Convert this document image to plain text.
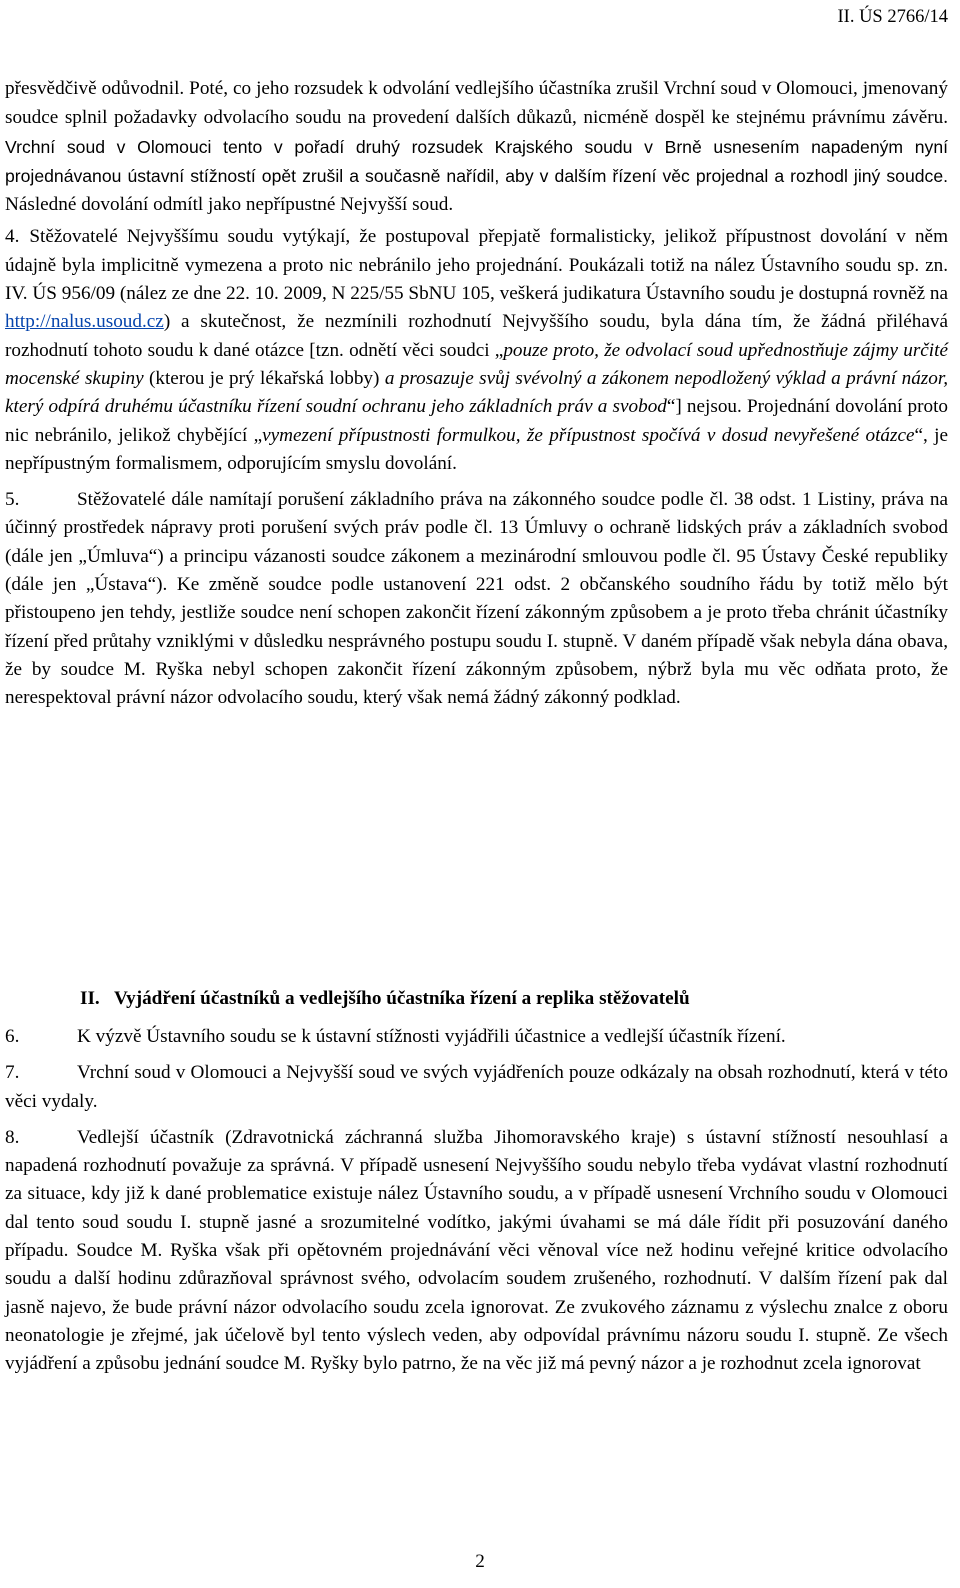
II. ÚS 2766/14

přesvědčivě odůvodnil. Poté, co jeho rozsudek k odvolání vedlejšího účastníka zrušil Vrchní soud v Olomouci, jmenovaný soudce splnil požadavky odvolacího soudu na provedení dalších důkazů, nicméně dospěl ke stejnému právnímu závěru. Vrchní soud v Olomouci tento v pořadí druhý rozsudek Krajského soudu v Brně usnesením napadeným nyní projednávanou ústavní stížností opět zrušil a současně nařídil, aby v dalším řízení věc projednal a rozhodl jiný soudce. Následné dovolání odmítl jako nepřípustné Nejvyšší soud.

4. Stěžovatelé Nejvyššímu soudu vytýkají, že postupoval přepjatě formalisticky, jelikož přípustnost dovolání v něm údajně byla implicitně vymezena a proto nic nebránilo jeho projednání. Poukázali totiž na nález Ústavního soudu sp. zn. IV. ÚS 956/09 (nález ze dne 22. 10. 2009, N 225/55 SbNU 105, veškerá judikatura Ústavního soudu je dostupná rovněž na http://nalus.usoud.cz) a skutečnost, že nezmínili rozhodnutí Nejvyššího soudu, byla dána tím, že žádná přiléhavá rozhodnutí tohoto soudu k dané otázce [tzn. odnětí věci soudci „pouze proto, že odvolací soud upřednostňuje zájmy určité mocenské skupiny (kterou je prý lékařská lobby) a prosazuje svůj svévolný a zákonem nepodložený výklad a právní názor, který odpírá druhému účastníku řízení soudní ochranu jeho základních práv a svobod“] nejsou. Projednání dovolání proto nic nebránilo, jelikož chybějící „vymezení přípustnosti formulkou, že přípustnost spočívá v dosud nevyřešené otázce“, je nepřípustným formalismem, odporujícím smyslu dovolání.

5.	Stěžovatelé dále namítají porušení základního práva na zákonného soudce podle čl. 38 odst. 1 Listiny, práva na účinný prostředek nápravy proti porušení svých práv podle čl. 13 Úmluvy o ochraně lidských práv a základních svobod (dále jen „Úmluva“) a principu vázanosti soudce zákonem a mezinárodní smlouvou podle čl. 95 Ústavy České republiky (dále jen „Ústava“). Ke změně soudce podle ustanovení 221 odst. 2 občanského soudního řádu by totiž mělo být přistoupeno jen tehdy, jestliže soudce není schopen zakončit řízení zákonným způsobem a je proto třeba chránit účastníky řízení před průtahy vzniklými v důsledku nesprávného postupu soudu I. stupně. V daném případě však nebyla dána obava, že by soudce M. Ryška nebyl schopen zakončit řízení zákonným způsobem, nýbrž byla mu věc odňata proto, že nerespektoval právní názor odvolacího soudu, který však nemá žádný zákonný podklad.

II. Vyjádření účastníků a vedlejšího účastníka řízení a replika stěžovatelů

6.	K výzvě Ústavního soudu se k ústavní stížnosti vyjádřili účastnice a vedlejší účastník řízení.

7.	Vrchní soud v Olomouci a Nejvyšší soud ve svých vyjádřeních pouze odkázaly na obsah rozhodnutí, která v této věci vydaly.

8.	Vedlejší účastník (Zdravotnická záchranná služba Jihomoravského kraje) s ústavní stížností nesouhlasí a napadená rozhodnutí považuje za správná. V případě usnesení Nejvyššího soudu nebylo třeba vydávat vlastní rozhodnutí za situace, kdy již k dané problematice existuje nález Ústavního soudu, a v případě usnesení Vrchního soudu v Olomouci dal tento soud soudu I. stupně jasné a srozumitelné vodítko, jakými úvahami se má dále řídit při posuzování daného případu. Soudce M. Ryška však při opětovném projednávání věci věnoval více než hodinu veřejné kritice odvolacího soudu a další hodinu zdůrazňoval správnost svého, odvolacím soudem zrušeného, rozhodnutí. V dalším řízení pak dal jasně najevo, že bude právní názor odvolacího soudu zcela ignorovat. Ze zvukového záznamu z výslechu znalce z oboru neonatologie je zřejmé, jak účelově byl tento výslech veden, aby odpovídal právnímu názoru soudu I. stupně. Ze všech vyjádření a způsobu jednání soudce M. Ryšky bylo patrno, že na věc již má pevný názor a je rozhodnut zcela ignorovat

2
